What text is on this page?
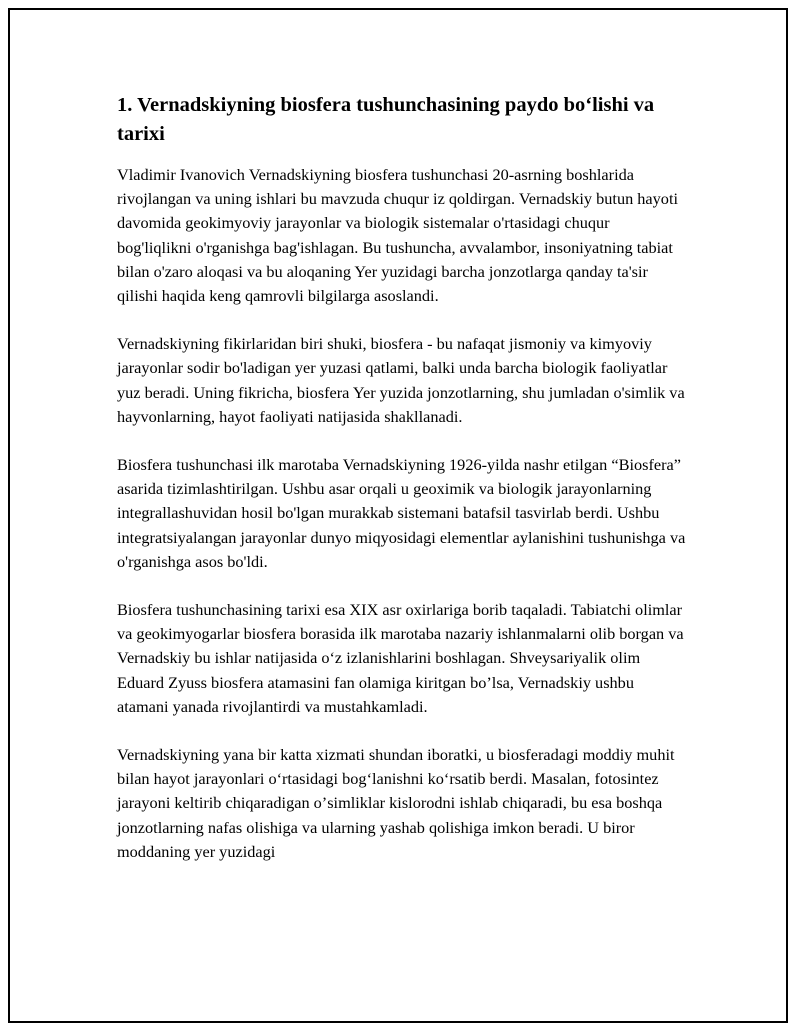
1. Vernadskiyning biosfera tushunchasining paydo boʻlishi va tarixi

Vladimir Ivanovich Vernadskiyning biosfera tushunchasi 20-asrning boshlarida rivojlangan va uning ishlari bu mavzuda chuqur iz qoldirgan. Vernadskiy butun hayoti davomida geokimyoviy jarayonlar va biologik sistemalar o'rtasidagi chuqur bog'liqlikni o'rganishga bag'ishlagan. Bu tushuncha, avvalambor, insoniyatning tabiat bilan o'zaro aloqasi va bu aloqaning Yer yuzidagi barcha jonzotlarga qanday ta'sir qilishi haqida keng qamrovli bilgilarga asoslandi.

Vernadskiyning fikirlaridan biri shuki, biosfera - bu nafaqat jismoniy va kimyoviy jarayonlar sodir bo'ladigan yer yuzasi qatlami, balki unda barcha biologik faoliyatlar yuz beradi. Uning fikricha, biosfera Yer yuzida jonzotlarning, shu jumladan o'simlik va hayvonlarning, hayot faoliyati natijasida shakllanadi.

Biosfera tushunchasi ilk marotaba Vernadskiyning 1926-yilda nashr etilgan “Biosfera” asarida tizimlashtirilgan. Ushbu asar orqali u geoximik va biologik jarayonlarning integrallashuvidan hosil bo'lgan murakkab sistemani batafsil tasvirlab berdi. Ushbu integratsiyalangan jarayonlar dunyo miqyosidagi elementlar aylanishini tushunishga va o'rganishga asos bo'ldi.

Biosfera tushunchasining tarixi esa XIX asr oxirlariga borib taqaladi. Tabiatchi olimlar va geokimyogarlar biosfera borasida ilk marotaba nazariy ishlanmalarni olib borgan va Vernadskiy bu ishlar natijasida oʻz izlanishlarini boshlagan. Shveysariyalik olim Eduard Zyuss biosfera atamasini fan olamiga kiritgan boʼlsa, Vernadskiy ushbu atamani yanada rivojlantirdi va mustahkamladi.

Vernadskiyning yana bir katta xizmati shundan iboratki, u biosferadagi moddiy muhit bilan hayot jarayonlari oʻrtasidagi bogʻlanishni koʻrsatib berdi. Masalan, fotosintez jarayoni keltirib chiqaradigan oʼsimliklar kislorodni ishlab chiqaradi, bu esa boshqa jonzotlarning nafas olishiga va ularning yashab qolishiga imkon beradi. U biror moddaning yer yuzidagi
